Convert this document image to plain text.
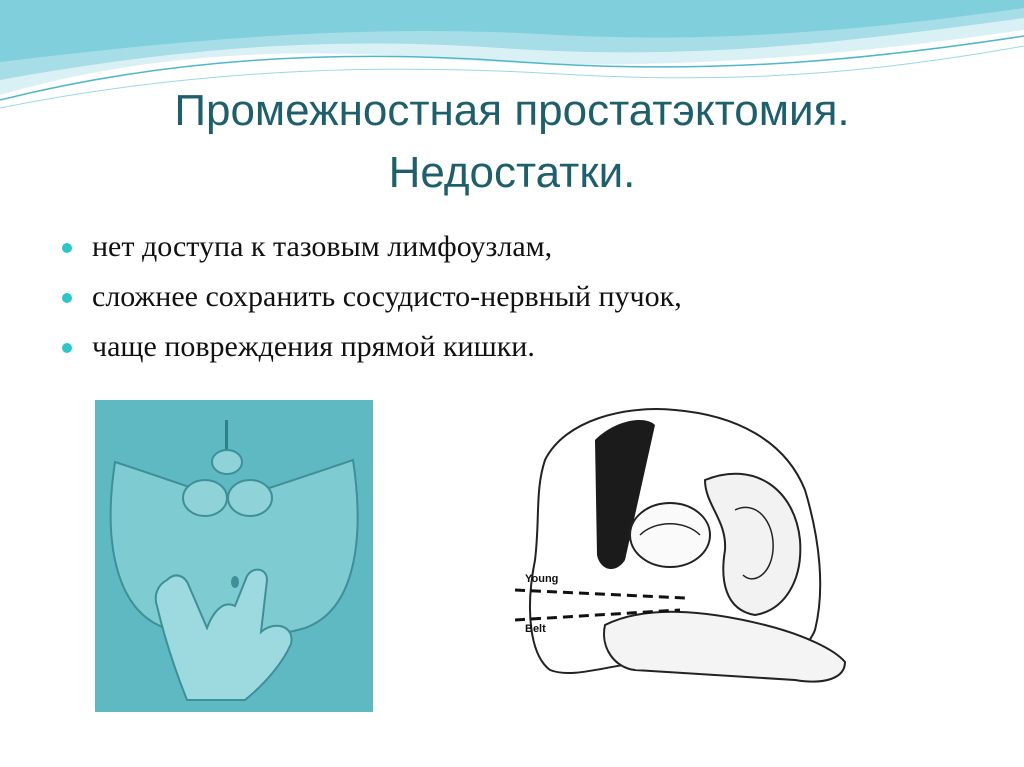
Промежностная простатэктомия.
Недостатки.
нет доступа к тазовым лимфоузлам,
сложнее сохранить сосудисто-нервный пучок,
чаще повреждения прямой кишки.
Young
Belt
